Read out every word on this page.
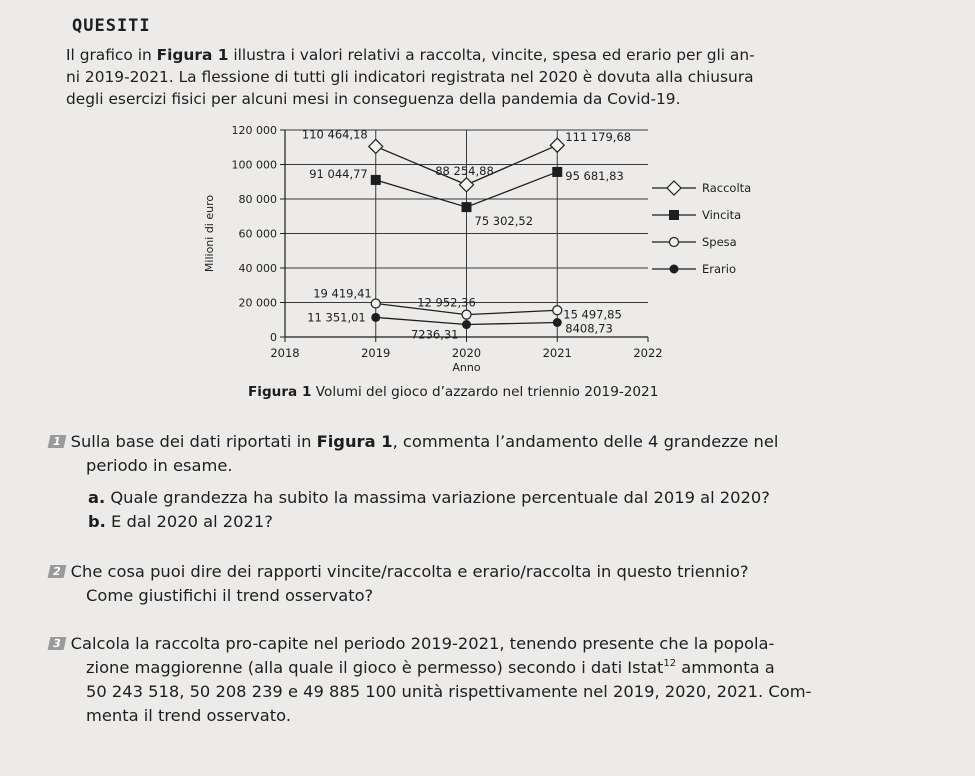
QUESITI
Il grafico in Figura 1 illustra i valori relativi a raccolta, vincite, spesa ed erario per gli an-
ni 2019-2021. La flessione di tutti gli indicatori registrata nel 2020 è dovuta alla chiusura
degli esercizi fisici per alcuni mesi in conseguenza della pandemia da Covid-19.
0
20 000
40 000
60 000
80 000
100 000
120 000
2018	2019	2020	2021	2022
Anno
Milioni di euro
110 464,18
88 254,88
111 179,68
91 044,77
75 302,52
95 681,83
19 419,41
12 952,36
15 497,85
11 351,01
7236,31	8408,73
Raccolta
Vincita
Spesa
Erario
Figura 1 Volumi del gioco d’azzardo nel triennio 2019-2021
1 Sulla base dei dati riportati in Figura 1, commenta l’andamento delle 4 grandezze nel
periodo in esame.
a. Quale grandezza ha subito la massima variazione percentuale dal 2019 al 2020?
b. E dal 2020 al 2021?
2 Che cosa puoi dire dei rapporti vincite/raccolta e erario/raccolta in questo triennio?
Come giustifichi il trend osservato?
3 Calcola la raccolta pro-capite nel periodo 2019-2021, tenendo presente che la popola-
zione maggiorenne (alla quale il gioco è permesso) secondo i dati Istat$^{12}$ ammonta a
50 243 518, 50 208 239 e 49 885 100 unità rispettivamente nel 2019, 2020, 2021. Com-
menta il trend osservato.
